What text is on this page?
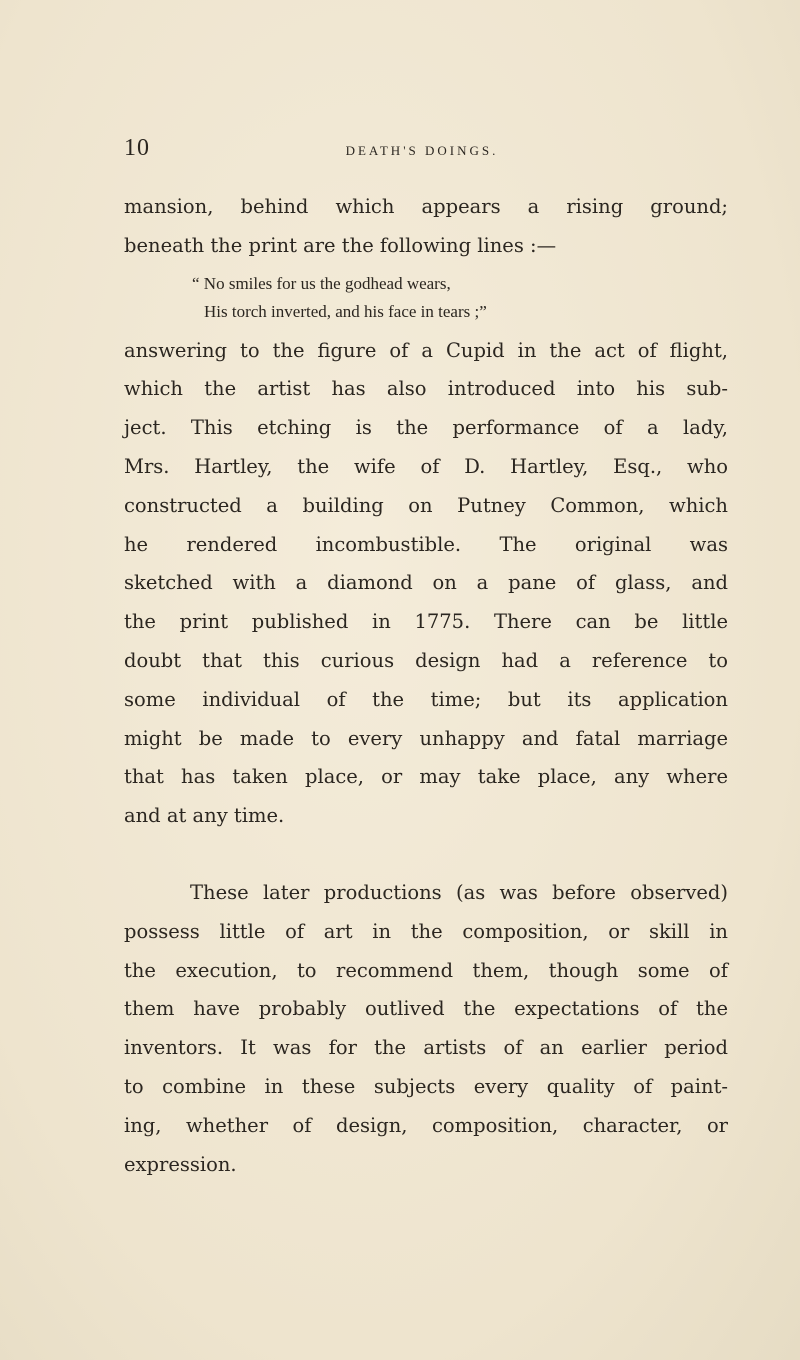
10	death's doings.
mansion, behind which appears a rising ground;
beneath the print are the following lines :—
“ No smiles for us the godhead wears,
His torch inverted, and his face in tears ;”
answering to the figure of a Cupid in the act of flight,
which the artist has also introduced into his sub-
ject. This etching is the performance of a lady,
Mrs. Hartley, the wife of D. Hartley, Esq., who
constructed a building on Putney Common, which
he rendered incombustible. The original was
sketched with a diamond on a pane of glass, and
the print published in 1775. There can be little
doubt that this curious design had a reference to
some individual of the time; but its application
might be made to every unhappy and fatal marriage
that has taken place, or may take place, any where
and at any time.
These later productions (as was before observed)
possess little of art in the composition, or skill in
the execution, to recommend them, though some of
them have probably outlived the expectations of the
inventors. It was for the artists of an earlier period
to combine in these subjects every quality of paint-
ing, whether of design, composition, character, or
expression.
